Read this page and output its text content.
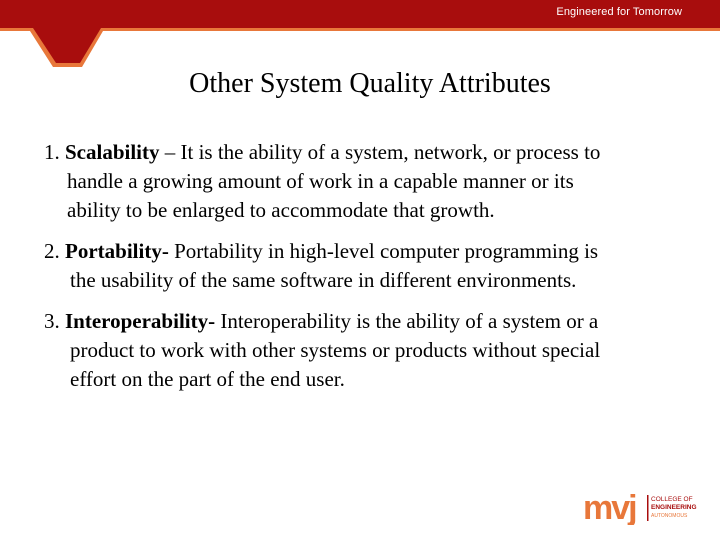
Engineered for Tomorrow
Other System Quality Attributes
1. Scalability – It is the ability of a system, network, or process to
handle a growing amount of work in a capable manner or its
ability to be enlarged to accommodate that growth.
2. Portability- Portability in high-level computer programming is
the usability of the same software in different environments.
3. Interoperability- Interoperability is the ability of a system or a
product to work with other systems or products without special
effort on the part of the end user.
mvj COLLEGE OF
ENGINEERING
AUTONOMOUS
